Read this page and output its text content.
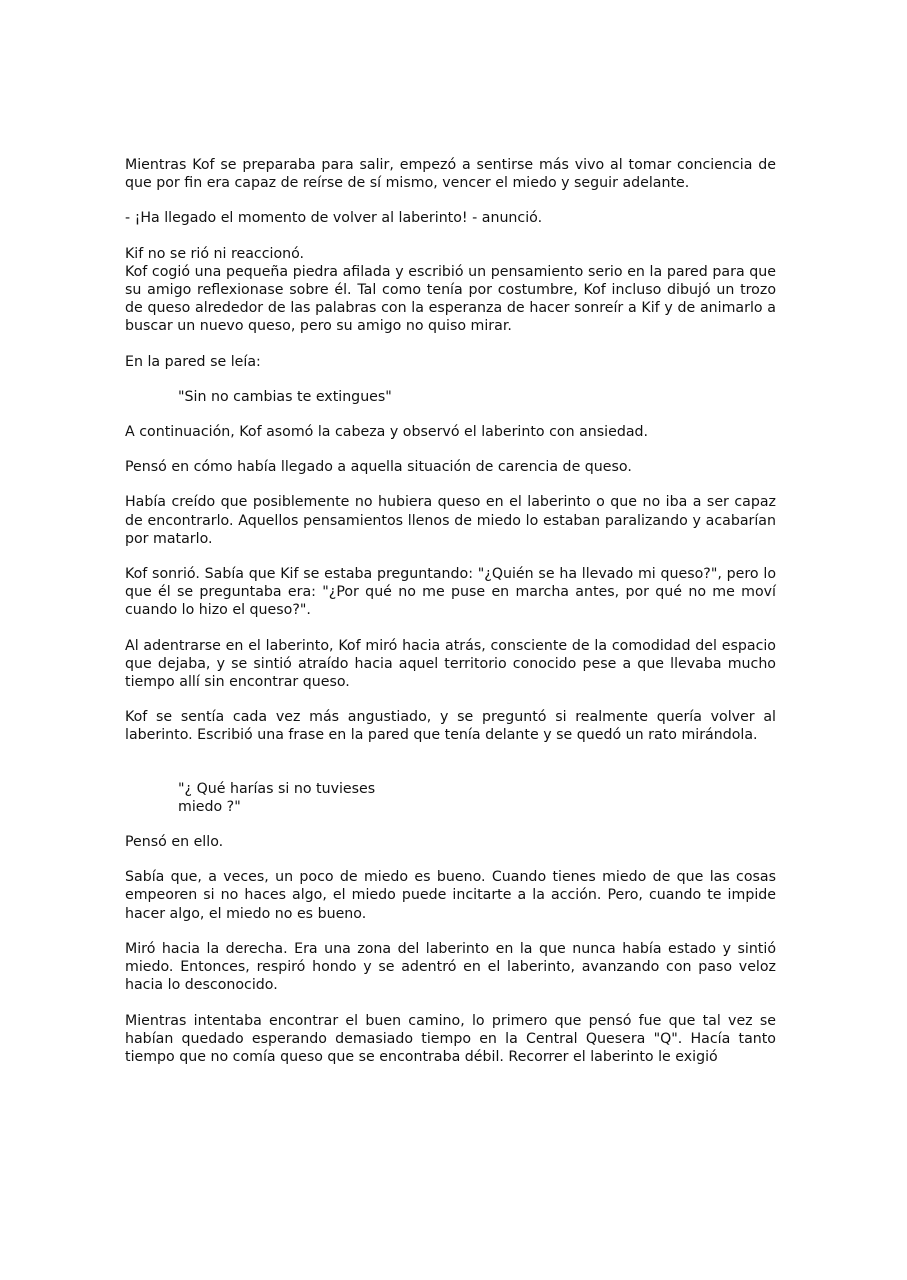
Mientras Kof se preparaba para salir, empezó a sentirse más vivo al tomar conciencia de que por fin era capaz de reírse de sí mismo, vencer el miedo y seguir adelante.

- ¡Ha llegado el momento de volver al laberinto! - anunció.

Kif no se rió ni reaccionó.

Kof cogió una pequeña piedra afilada y escribió un pensamiento serio en la pared para que su amigo reflexionase sobre él. Tal como tenía por costumbre, Kof incluso dibujó un trozo de queso alrededor de las palabras con la esperanza de hacer sonreír a Kif y de animarlo a buscar un nuevo queso, pero su amigo no quiso mirar.

En la pared se leía:

"Sin no cambias te extingues"

A continuación, Kof asomó la cabeza y observó el laberinto con ansiedad.

Pensó en cómo había llegado a aquella situación de carencia de queso.

Había creído que posiblemente no hubiera queso en el laberinto o que no iba a ser capaz de encontrarlo. Aquellos pensamientos llenos de miedo lo estaban paralizando y acabarían por matarlo.

Kof sonrió. Sabía que Kif se estaba preguntando: "¿Quién se ha llevado mi queso?", pero lo que él se preguntaba era: "¿Por qué no me puse en marcha antes, por qué no me moví cuando lo hizo el queso?".

Al adentrarse en el laberinto, Kof miró hacia atrás, consciente de la comodidad del espacio que dejaba, y se sintió atraído hacia aquel territorio conocido pese a que llevaba mucho tiempo allí sin encontrar queso.

Kof se sentía cada vez más angustiado, y se preguntó si realmente quería volver al laberinto. Escribió una frase en la pared que tenía delante y se quedó un rato mirándola.

"¿ Qué harías si no tuvieses
miedo ?"

Pensó en ello.

Sabía que, a veces, un poco de miedo es bueno. Cuando tienes miedo de que las cosas empeoren si no haces algo, el miedo puede incitarte a la acción. Pero, cuando te impide hacer algo, el miedo no es bueno.

Miró hacia la derecha. Era una zona del laberinto en la que nunca había estado y sintió miedo. Entonces, respiró hondo y se adentró en el laberinto, avanzando con paso veloz hacia lo desconocido.

Mientras intentaba encontrar el buen camino, lo primero que pensó fue que tal vez se habían quedado esperando demasiado tiempo en la Central Quesera "Q". Hacía tanto tiempo que no comía queso que se encontraba débil. Recorrer el laberinto le exigió
